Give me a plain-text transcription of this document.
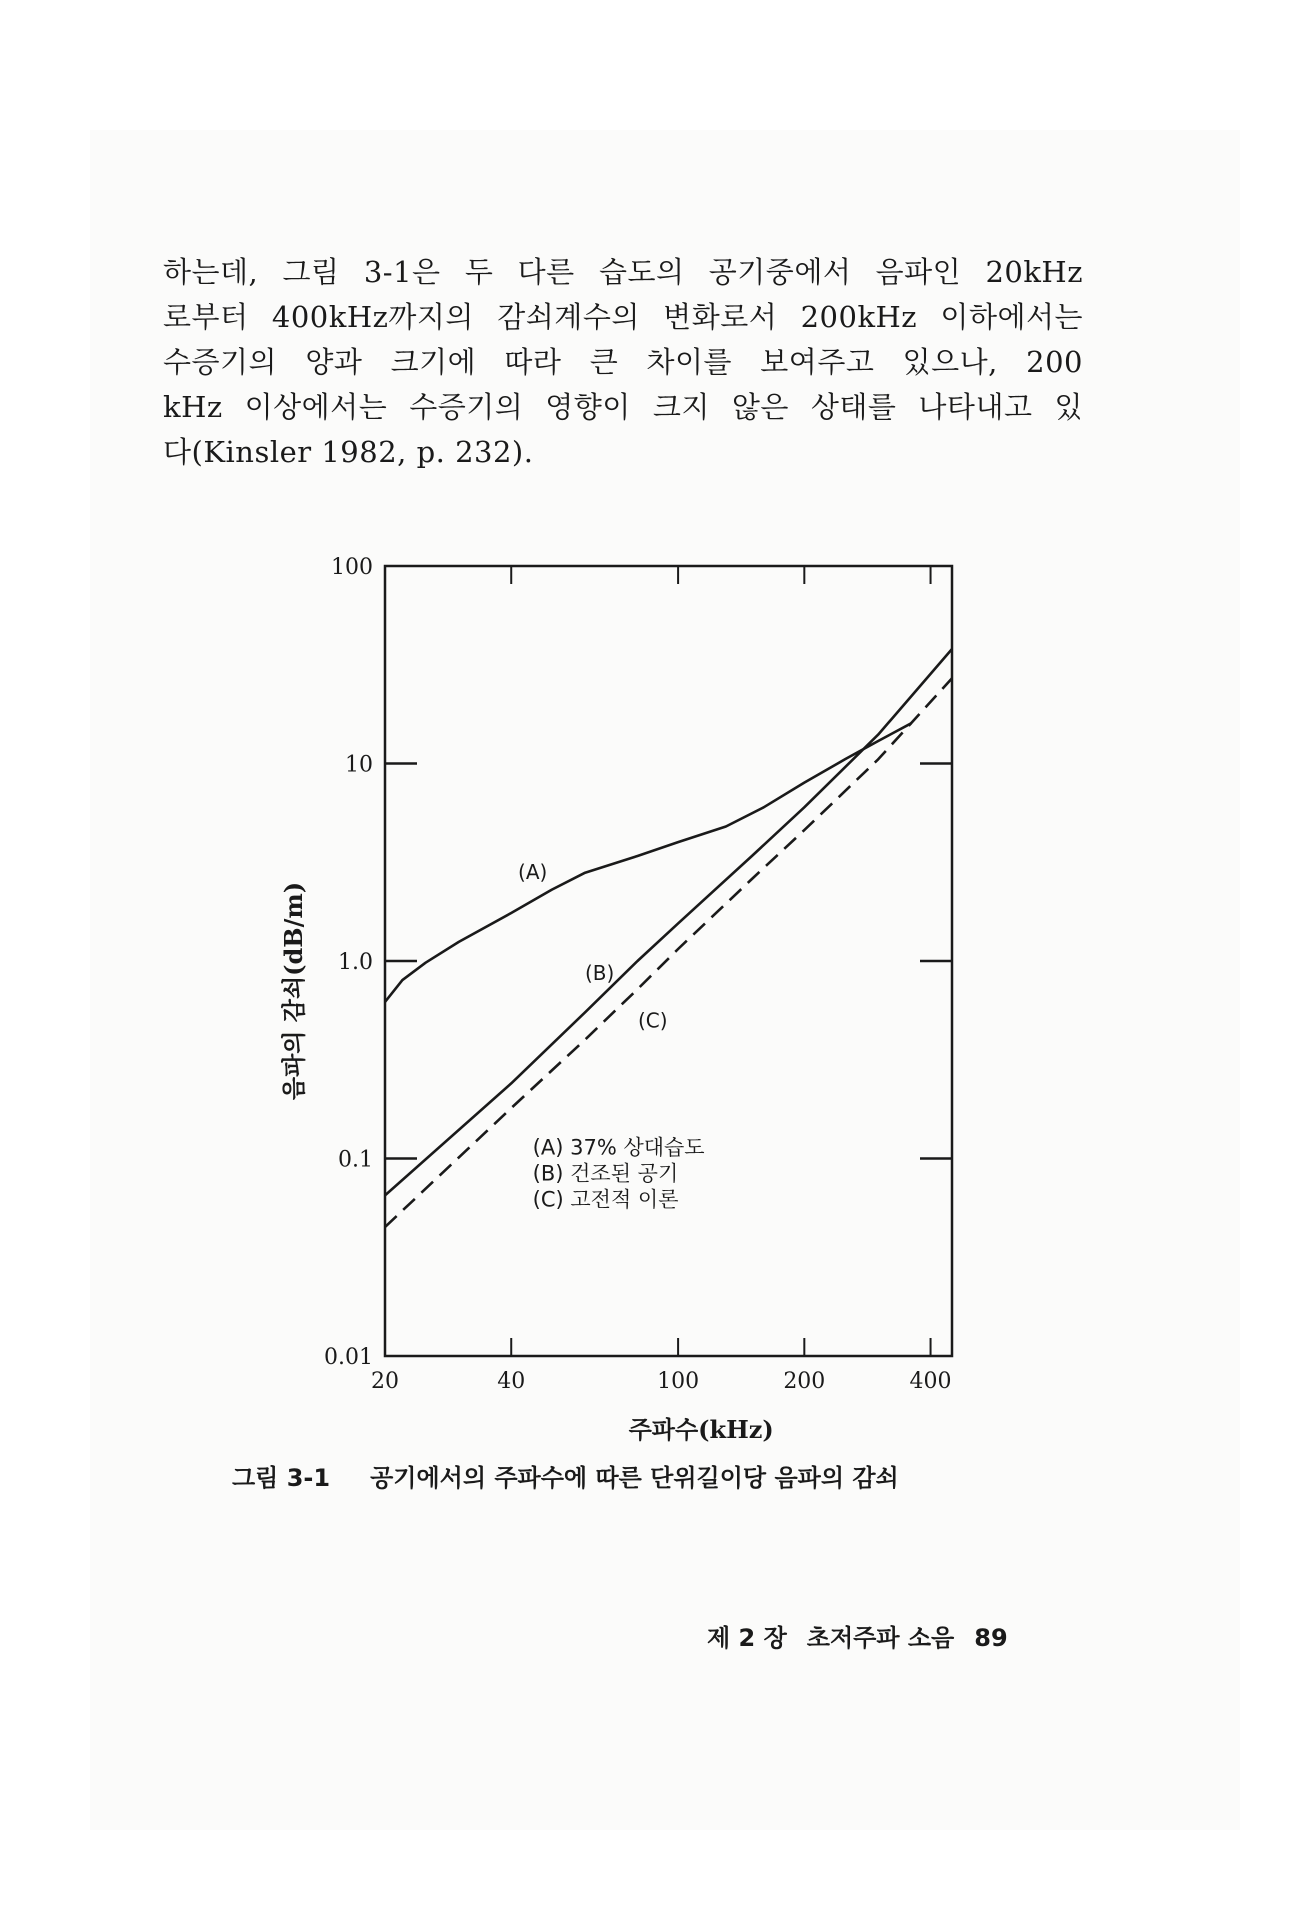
하는데, 그림 3-1은 두 다른 습도의 공기중에서 음파인 20kHz
로부터 400kHz까지의 감쇠계수의 변화로서 200kHz 이하에서는
수증기의 양과 크기에 따라 큰 차이를 보여주고 있으나, 200
kHz 이상에서는 수증기의 영향이 크지 않은 상태를 나타내고 있
다(Kinsler 1982, p. 232).
0.01
0.1
1.0
10
100
20	40	100	200	400
(A)
(B)
(C)
(A) 37% 상대습도
(B) 건조된 공기
(C) 고전적 이론
주파수(kHz)
음파의 감쇠(dB/m)
그림 3-1 공기에서의 주파수에 따른 단위길이당 음파의 감쇠
제 2 장 초저주파 소음 89
